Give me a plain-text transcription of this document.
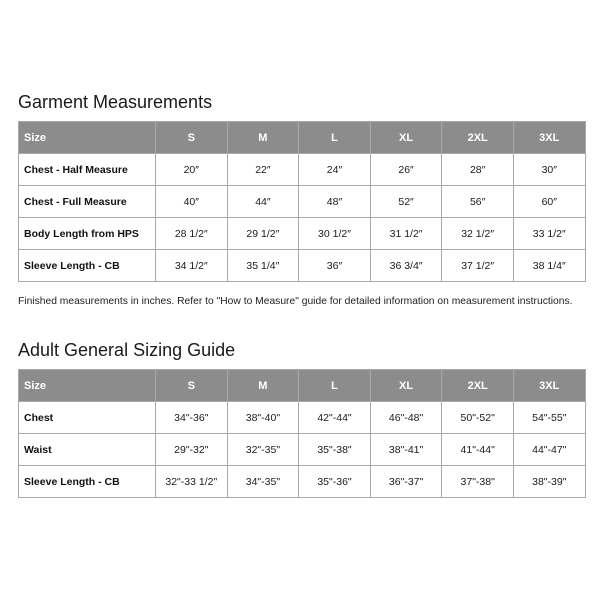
Garment Measurements
Size	S	M	L	XL	2XL	3XL
Chest - Half Measure	20″	22″	24″	26″	28″	30″
Chest - Full Measure	40″	44″	48″	52″	56″	60″
Body Length from HPS	28 1/2″	29 1/2″	30 1/2″	31 1/2″	32 1/2″	33 1/2″
Sleeve Length - CB	34 1/2″	35 1/4″	36″	36 3/4″	37 1/2″	38 1/4″

Finished measurements in inches. Refer to "How to Measure" guide for detailed information on measurement instructions.

Adult General Sizing Guide
Size	S	M	L	XL	2XL	3XL
Chest	34"-36"	38"-40"	42"-44"	46"-48"	50"-52"	54"-55"
Waist	29"-32"	32"-35"	35"-38"	38"-41"	41"-44"	44"-47"
Sleeve Length - CB	32"-33 1/2"	34"-35"	35"-36"	36"-37"	37"-38"	38"-39"
